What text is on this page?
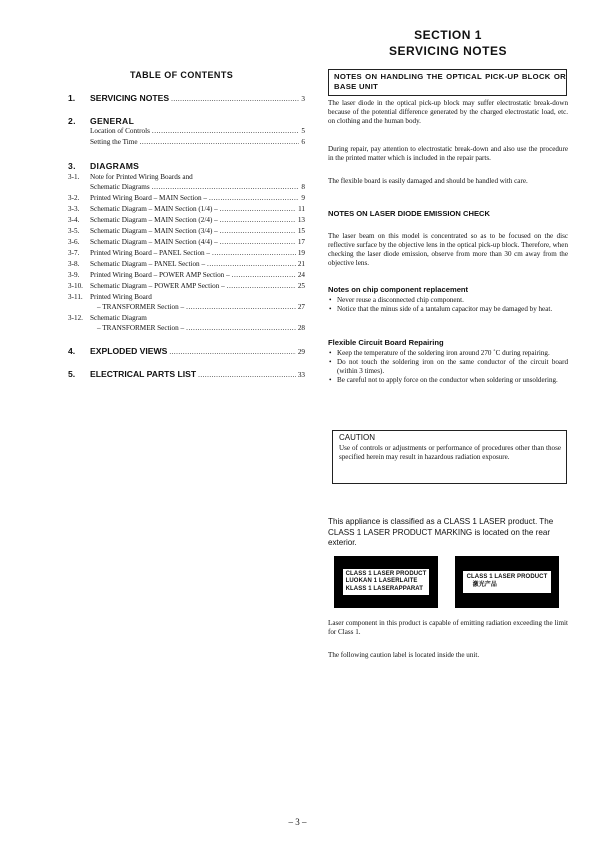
TABLE OF CONTENTS
1.	SERVICING NOTES .....	3
2. GENERAL
Location of Controls .....	5
Setting the Time .....	6
3. DIAGRAMS
3-1. Note for Printed Wiring Boards and
Schematic Diagrams .....	8
3-2. Printed Wiring Board – MAIN Section – .....	9
3-3. Schematic Diagram – MAIN Section (1/4) – .....	11
3-4. Schematic Diagram – MAIN Section (2/4) – .....	13
3-5. Schematic Diagram – MAIN Section (3/4) – .....	15
3-6. Schematic Diagram – MAIN Section (4/4) – .....	17
3-7. Printed Wiring Board – PANEL Section – .....	19
3-8. Schematic Diagram – PANEL Section – .....	21
3-9. Printed Wiring Board – POWER AMP Section – .....	24
3-10. Schematic Diagram – POWER AMP Section – .....	25
3-11. Printed Wiring Board
– TRANSFORMER Section – .....	27
3-12. Schematic Diagram
– TRANSFORMER Section – .....	28
4.	EXPLODED VIEWS .....	29
5.	ELECTRICAL PARTS LIST .....	33
SECTION 1
SERVICING NOTES
NOTES ON HANDLING THE OPTICAL PICK-UP BLOCK OR BASE UNIT
The laser diode in the optical pick-up block may suffer electrostatic break-down because of the potential difference generated by the charged electrostatic load, etc. on clothing and the human body.
During repair, pay attention to electrostatic break-down and also use the procedure in the printed matter which is included in the repair parts.
The flexible board is easily damaged and should be handled with care.
NOTES ON LASER DIODE EMISSION CHECK
The laser beam on this model is concentrated so as to be focused on the disc reflective surface by the objective lens in the optical pick-up block. Therefore, when checking the laser diode emission, observe from more than 30 cm away from the objective lens.
Notes on chip component replacement
• Never reuse a disconnected chip component.
• Notice that the minus side of a tantalum capacitor may be damaged by heat.
Flexible Circuit Board Repairing
• Keep the temperature of the soldering iron around 270 ˚C during repairing.
• Do not touch the soldering iron on the same conductor of the circuit board (within 3 times).
• Be careful not to apply force on the conductor when soldering or unsoldering.
CAUTION
Use of controls or adjustments or performance of procedures other than those specified herein may result in hazardous radiation exposure.
This appliance is classified as a CLASS 1 LASER product. The CLASS 1 LASER PRODUCT MARKING is located on the rear exterior.
CLASS 1 LASER PRODUCT
LUOKAN 1 LASERLAITE
KLASS 1 LASERAPPARAT
CLASS 1 LASER PRODUCT
激光产品
Laser component in this product is capable of emitting radiation exceeding the limit for Class 1.
The following caution label is located inside the unit.
– 3 –
